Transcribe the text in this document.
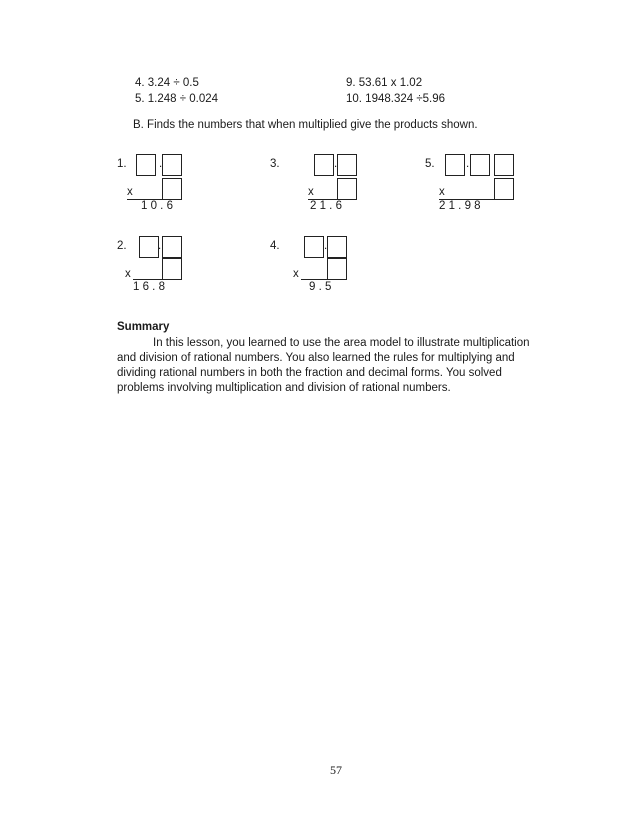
4. 3.24 ÷ 0.5
5. 1.248 ÷ 0.024
9. 53.61 x 1.02
10. 1948.324 ÷5.96
B. Finds the numbers that when multiplied give the products shown.
1.	.
x
1 0 . 6
3.	.
x
2 1 . 6
5.	.
x
2 1 . 9 8
2.	.
x
1 6 . 8
4.	.
x
9 . 5
Summary
In this lesson, you learned to use the area model to illustrate multiplication and division of rational numbers. You also learned the rules for multiplying and dividing rational numbers in both the fraction and decimal forms. You solved problems involving multiplication and division of rational numbers.
57
